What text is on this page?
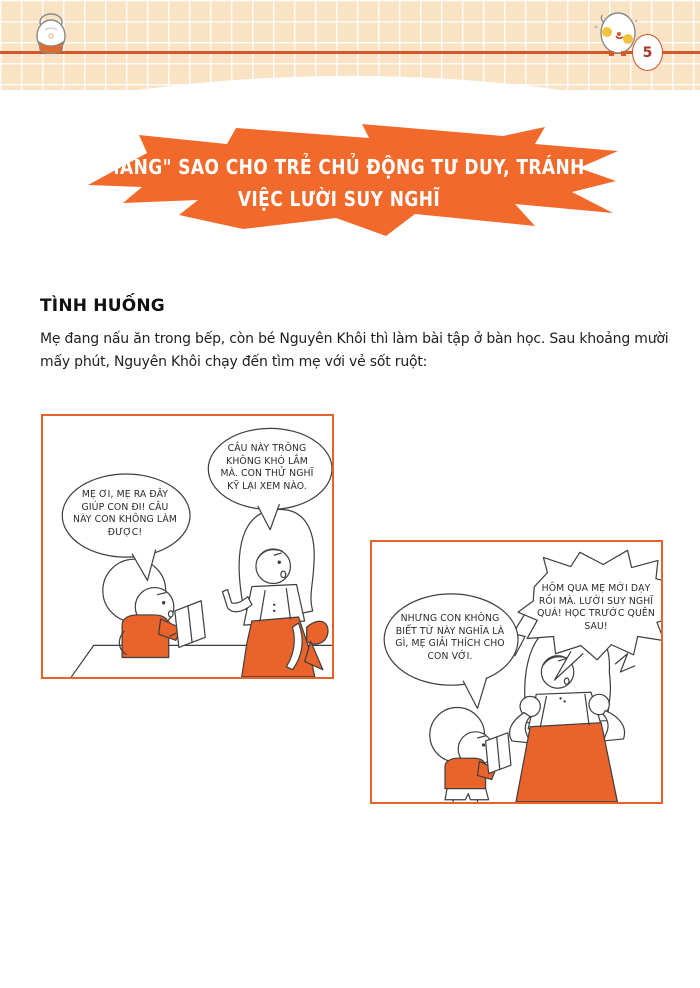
5
"MẮNG" SAO CHO TRẺ CHỦ ĐỘNG TƯ DUY, TRÁNH
VIỆC LƯỜI SUY NGHĨ
TÌNH HUỐNG
Mẹ đang nấu ăn trong bếp, còn bé Nguyên Khôi thì làm bài tập ở bàn học. Sau khoảng mười mấy phút, Nguyên Khôi chạy đến tìm mẹ với vẻ sốt ruột:
MẸ ƠI, MẸ RA ĐÂY GIÚP CON ĐI! CÂU NÀY CON KHÔNG LÀM ĐƯỢC!
CÂU NÀY TRÔNG KHÔNG KHÓ LẮM MÀ. CON THỬ NGHĨ KỸ LẠI XEM NÀO.
NHƯNG CON KHÔNG BIẾT TỪ NÀY NGHĨA LÀ GÌ, MẸ GIẢI THÍCH CHO CON VỚI.
HÔM QUA MẸ MỚI DẠY RỒI MÀ. LƯỜI SUY NGHĨ QUÁ! HỌC TRƯỚC QUÊN SAU!
